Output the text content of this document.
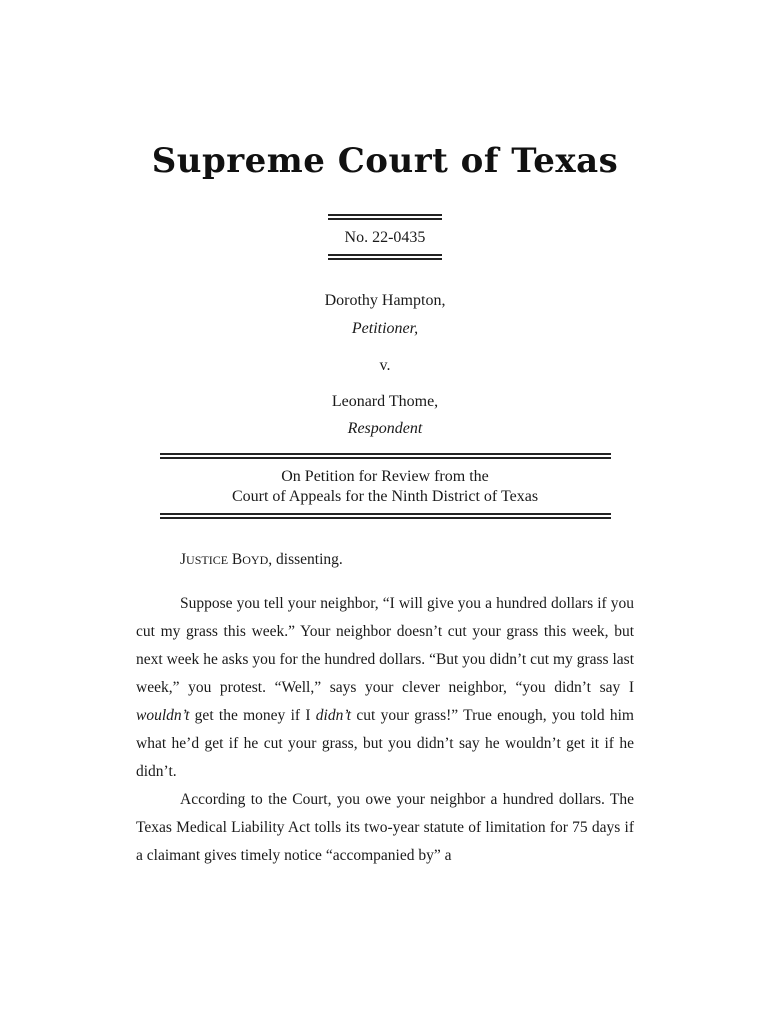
Supreme Court of Texas
No. 22-0435
Dorothy Hampton,
Petitioner,
v.
Leonard Thome,
Respondent
On Petition for Review from the
Court of Appeals for the Ninth District of Texas

JUSTICE BOYD, dissenting.

Suppose you tell your neighbor, “I will give you a hundred dollars if you cut my grass this week.” Your neighbor doesn’t cut your grass this week, but next week he asks you for the hundred dollars. “But you didn’t cut my grass last week,” you protest. “Well,” says your clever neighbor, “you didn’t say I wouldn’t get the money if I didn’t cut your grass!” True enough, you told him what he’d get if he cut your grass, but you didn’t say he wouldn’t get it if he didn’t.

According to the Court, you owe your neighbor a hundred dollars. The Texas Medical Liability Act tolls its two-year statute of limitation for 75 days if a claimant gives timely notice “accompanied by” a
